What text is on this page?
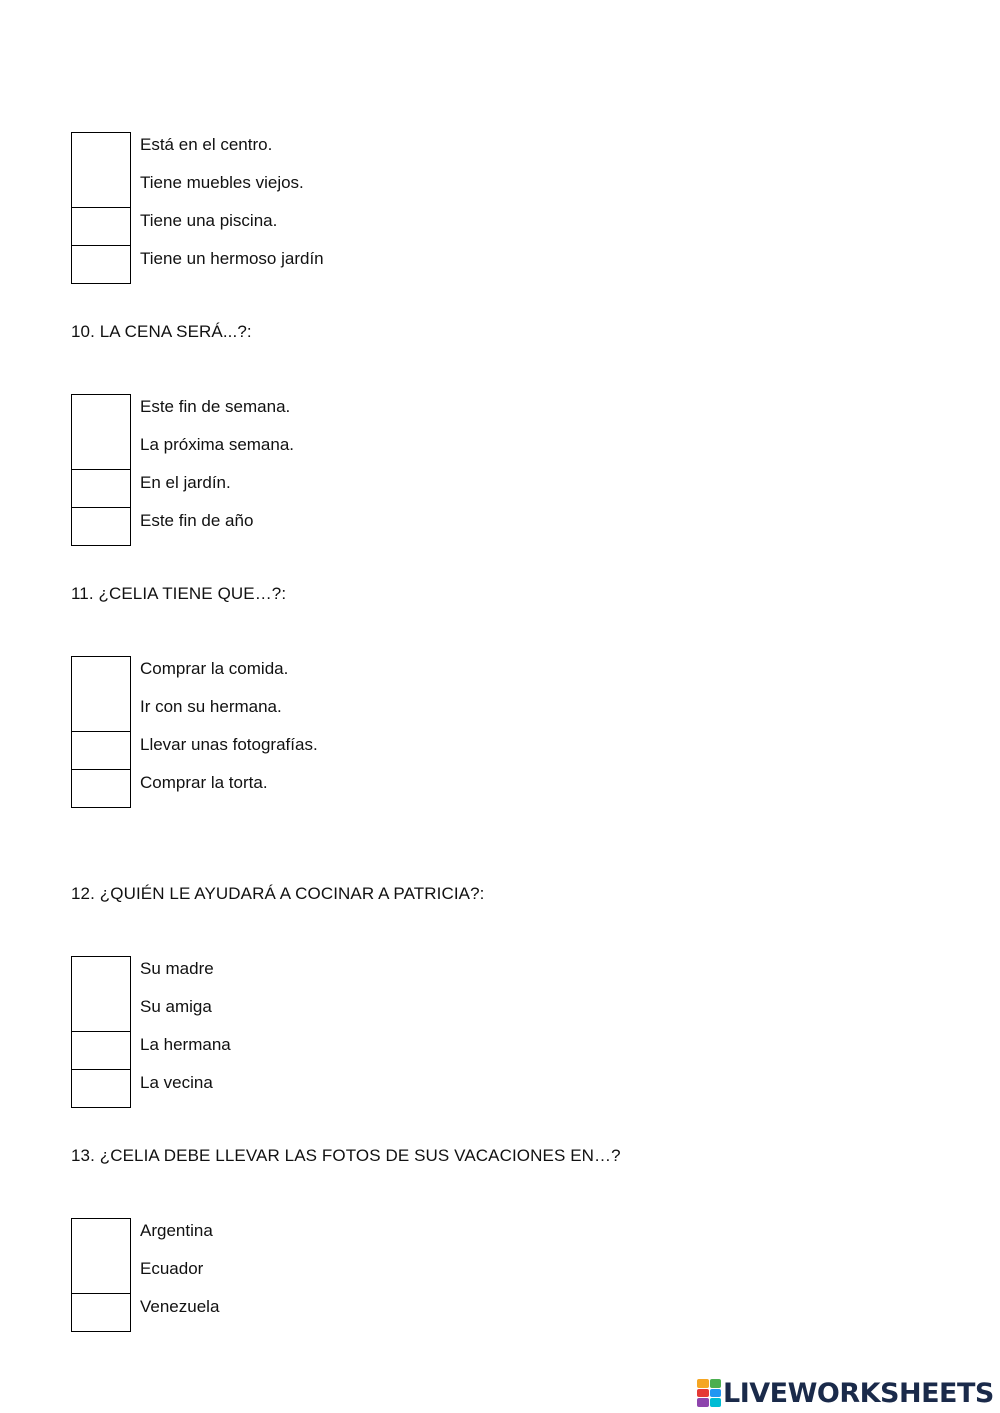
Está en el centro.
Tiene muebles viejos.
Tiene una piscina.
Tiene un hermoso jardín
10. LA CENA SERÁ...?:
Este fin de semana.
La próxima semana.
En el jardín.
Este fin de año
11. ¿CELIA TIENE QUE…?:
Comprar la comida.
Ir con su hermana.
Llevar unas fotografías.
Comprar la torta.
12. ¿QUIÉN LE AYUDARÁ A COCINAR A PATRICIA?:
Su madre
Su amiga
La hermana
La vecina
13. ¿CELIA DEBE LLEVAR LAS FOTOS DE SUS VACACIONES EN…?
Argentina
Ecuador
Venezuela
LIVEWORKSHEETS
